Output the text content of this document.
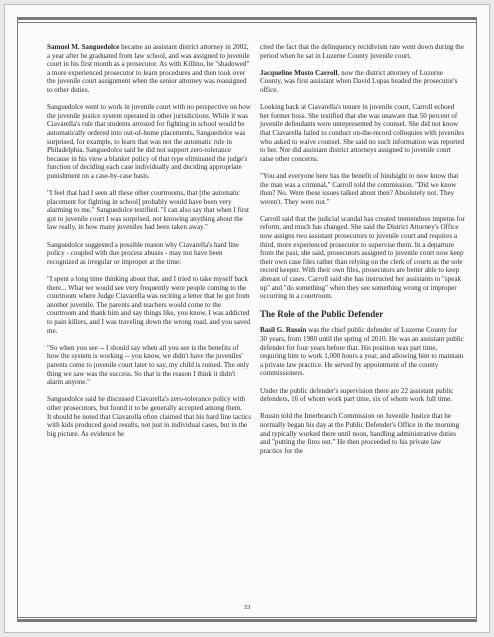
Samuel M. Sanguedolce became an assistant district attorney in 2002, a year after he graduated from law school, and was assigned to juvenile court in his first month as a prosecutor. As with Killino, he "shadowed" a more experienced prosecutor to learn procedures and then took over the juvenile court assignment when the senior attorney was reassigned to other duties.

Sanguedolce went to work in juvenile court with no perspective on how the juvenile justice system operated in other jurisdictions. While it was Ciavarella's rule that students arrested for fighting in school would be automatically ordered into out-of-home placements, Sanguedolce was surprised, for example, to learn that was not the automatic rule in Philadelphia. Sanguedolce said he did not support zero-tolerance because in his view a blanket policy of that type eliminated the judge's function of deciding each case individually and deciding appropriate punishment on a case-by-case basis.

"I feel that had I seen all these other courtrooms, that [the automatic placement for fighting in school] probably would have been very alarming to me," Sanguedolce testified. "I can also say that when I first got to juvenile court I was surprised, not knowing anything about the law really, in how many juveniles had been taken away."

Sanguedolce suggested a possible reason why Ciavarella's hard line policy - coupled with due process abuses - may not have been recognized as irregular or improper at the time:

"I spent a long time thinking about that, and I tried to take myself back there... What we would see very frequently were people coming to the courtroom where Judge Ciavarella was reciting a letter that he got from another juvenile. The parents and teachers would come to the courtroom and thank him and say things like, you know, I was addicted to pain killers, and I was traveling down the wrong road, and you saved me.

"So when you see -- I should say when all you see is the benefits of how the system is working -- you know, we didn't have the juveniles' parents come to juvenile court later to say, my child is ruined. The only thing we saw was the success. So that is the reason I think it didn't alarm anyone."

Sanguedolce said he discussed Ciavarella's zero-tolerance policy with other prosecutors, but found it to be generally accepted among them.

It should be noted that Ciavarella often claimed that his hard line tactics with kids produced good results, not just in individual cases, but in the big picture. As evidence he

cited the fact that the delinquency recidivism rate went down during the period when he sat in Luzerne County juvenile court.

Jacqueline Musto Carroll, now the district attorney of Luzerne County, was first assistant when David Lupas headed the prosecutor's office.

Looking back at Ciavarella's tenure in juvenile court, Carroll echoed her former boss. She testified that she was unaware that 50 percent of juvenile defendants were unrepresented by counsel. She did not know that Ciavarella failed to conduct on-the-record colloquies with juveniles who asked to waive counsel. She said no such information was reported to her. Nor did assistant district attorneys assigned to juvenile court raise other concerns.

"You and everyone here has the benefit of hindsight to now know that the man was a criminal," Carroll told the commission. "Did we know then? No. Were these issues talked about then? Absolutely not. They weren't. They were not."

Carroll said that the judicial scandal has created tremendous impetus for reform, and much has changed. She said the District Attorney's Office now assigns two assistant prosecutors to juvenile court and requires a third, more experienced prosecutor to supervise them. In a departure from the past, she said, prosecutors assigned to juvenile court now keep their own case files rather than relying on the clerk of courts as the sole record keeper. With their own files, prosecutors are better able to keep abreast of cases. Carroll said she has instructed her assistants to "speak up" and "do something" when they see something wrong or improper occurring in a courtroom.

The Role of the Public Defender

Basil G. Russin was the chief public defender of Luzerne County for 30 years, from 1980 until the spring of 2010. He was an assistant public defender for four years before that. His position was part time, requiring him to work 1,000 hours a year, and allowing him to maintain a private law practice. He served by appointment of the county commissioners.

Under the public defender's supervision there are 22 assistant public defenders, 16 of whom work part time, six of whom work full time.

Russin told the Interbranch Commission on Juvenile Justice that he normally began his day at the Public Defender's Office in the morning and typically worked there until noon, handling administrative duties and "putting the fires out." He then proceeded to his private law practice for the

33
